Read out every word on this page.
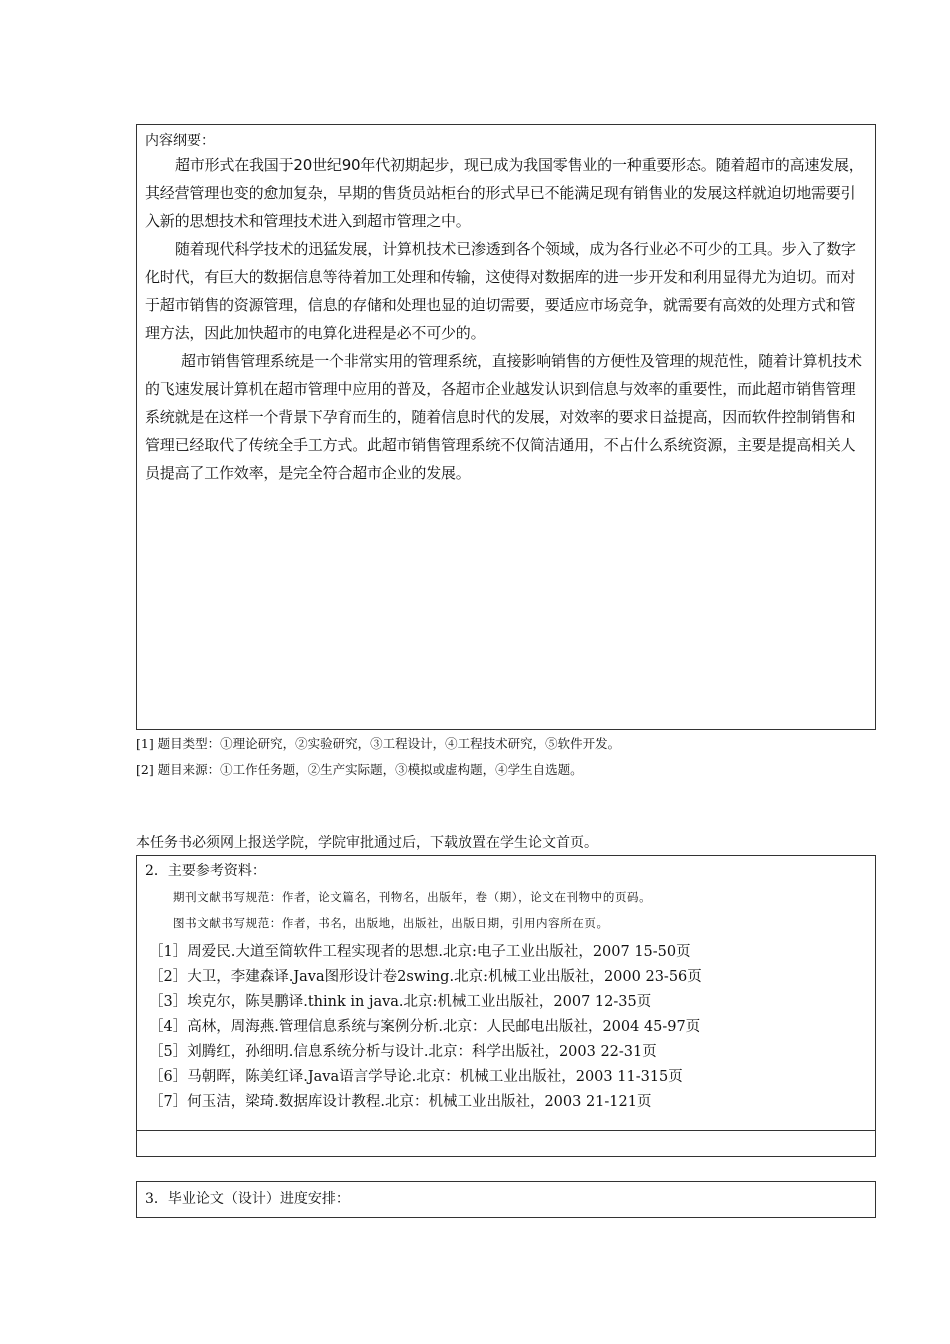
内容纲要：

超市形式在我国于20世纪90年代初期起步，现已成为我国零售业的一种重要形态。随着超市的高速发展，其经营管理也变的愈加复杂，早期的售货员站柜台的形式早已不能满足现有销售业的发展这样就迫切地需要引入新的思想技术和管理技术进入到超市管理之中。

随着现代科学技术的迅猛发展，计算机技术已渗透到各个领域，成为各行业必不可少的工具。步入了数字化时代，有巨大的数据信息等待着加工处理和传输，这使得对数据库的进一步开发和利用显得尤为迫切。而对于超市销售的资源管理，信息的存储和处理也显的迫切需要，要适应市场竞争，就需要有高效的处理方式和管理方法，因此加快超市的电算化进程是必不可少的。

超市销售管理系统是一个非常实用的管理系统，直接影响销售的方便性及管理的规范性，随着计算机技术的飞速发展计算机在超市管理中应用的普及，各超市企业越发认识到信息与效率的重要性，而此超市销售管理系统就是在这样一个背景下孕育而生的，随着信息时代的发展，对效率的要求日益提高，因而软件控制销售和管理已经取代了传统全手工方式。此超市销售管理系统不仅简洁通用，不占什么系统资源，主要是提高相关人员提高了工作效率，是完全符合超市企业的发展。

[1] 题目类型：①理论研究，②实验研究，③工程设计，④工程技术研究，⑤软件开发。
[2] 题目来源：①工作任务题，②生产实际题，③模拟或虚构题，④学生自选题。
本任务书必须网上报送学院，学院审批通过后，下载放置在学生论文首页。

2．主要参考资料：

期刊文献书写规范：作者，论文篇名，刊物名，出版年，卷（期），论文在刊物中的页码。

图书文献书写规范：作者，书名，出版地，出版社，出版日期，引用内容所在页。

［1］周爱民.大道至简软件工程实现者的思想.北京:电子工业出版社，2007 15-50页
［2］大卫，李建森译.Java图形设计卷2swing.北京:机械工业出版社，2000 23-56页
［3］埃克尔，陈昊鹏译.think in java.北京:机械工业出版社，2007 12-35页
［4］高林，周海燕.管理信息系统与案例分析.北京：人民邮电出版社，2004 45-97页
［5］刘腾红，孙细明.信息系统分析与设计.北京：科学出版社，2003 22-31页
［6］马朝晖，陈美红译.Java语言学导论.北京：机械工业出版社，2003 11-315页
［7］何玉洁，梁琦.数据库设计教程.北京：机械工业出版社，2003 21-121页

3．毕业论文（设计）进度安排：
